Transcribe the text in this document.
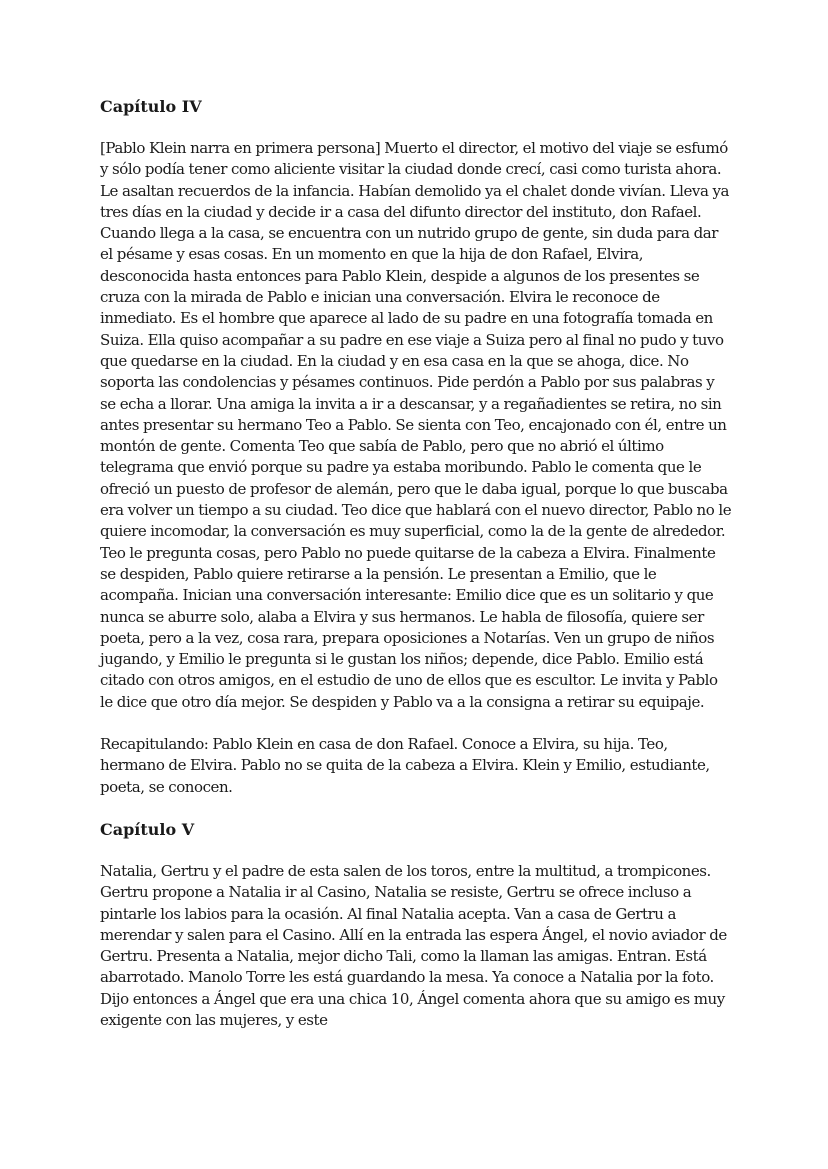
Capítulo IV

[Pablo Klein narra en primera persona] Muerto el director, el motivo del viaje se esfumó y sólo podía tener como aliciente visitar la ciudad donde crecí, casi como turista ahora. Le asaltan recuerdos de la infancia. Habían demolido ya el chalet donde vivían. Lleva ya tres días en la ciudad y decide ir a casa del difunto director del instituto, don Rafael. Cuando llega a la casa, se encuentra con un nutrido grupo de gente, sin duda para dar el pésame y esas cosas. En un momento en que la hija de don Rafael, Elvira, desconocida hasta entonces para Pablo Klein, despide a algunos de los presentes se cruza con la mirada de Pablo e inician una conversación. Elvira le reconoce de inmediato. Es el hombre que aparece al lado de su padre en una fotografía tomada en Suiza. Ella quiso acompañar a su padre en ese viaje a Suiza pero al final no pudo y tuvo que quedarse en la ciudad. En la ciudad y en esa casa en la que se ahoga, dice. No soporta las condolencias y pésames continuos. Pide perdón a Pablo por sus palabras y se echa a llorar. Una amiga la invita a ir a descansar, y a regañadientes se retira, no sin antes presentar su hermano Teo a Pablo. Se sienta con Teo, encajonado con él, entre un montón de gente. Comenta Teo que sabía de Pablo, pero que no abrió el último telegrama que envió porque su padre ya estaba moribundo. Pablo le comenta que le ofreció un puesto de profesor de alemán, pero que le daba igual, porque lo que buscaba era volver un tiempo a su ciudad. Teo dice que hablará con el nuevo director, Pablo no le quiere incomodar, la conversación es muy superficial, como la de la gente de alrededor. Teo le pregunta cosas, pero Pablo no puede quitarse de la cabeza a Elvira. Finalmente se despiden, Pablo quiere retirarse a la pensión. Le presentan a Emilio, que le acompaña. Inician una conversación interesante: Emilio dice que es un solitario y que nunca se aburre solo, alaba a Elvira y sus hermanos. Le habla de filosofía, quiere ser poeta, pero a la vez, cosa rara, prepara oposiciones a Notarías. Ven un grupo de niños jugando, y Emilio le pregunta si le gustan los niños; depende, dice Pablo. Emilio está citado con otros amigos, en el estudio de uno de ellos que es escultor. Le invita y Pablo le dice que otro día mejor. Se despiden y Pablo va a la consigna a retirar su equipaje.

Recapitulando: Pablo Klein en casa de don Rafael. Conoce a Elvira, su hija. Teo, hermano de Elvira. Pablo no se quita de la cabeza a Elvira. Klein y Emilio, estudiante, poeta, se conocen.

Capítulo V

Natalia, Gertru y el padre de esta salen de los toros, entre la multitud, a trompicones. Gertru propone a Natalia ir al Casino, Natalia se resiste, Gertru se ofrece incluso a pintarle los labios para la ocasión. Al final Natalia acepta. Van a casa de Gertru a merendar y salen para el Casino. Allí en la entrada las espera Ángel, el novio aviador de Gertru. Presenta a Natalia, mejor dicho Tali, como la llaman las amigas. Entran. Está abarrotado. Manolo Torre les está guardando la mesa. Ya conoce a Natalia por la foto. Dijo entonces a Ángel que era una chica 10, Ángel comenta ahora que su amigo es muy exigente con las mujeres, y este
